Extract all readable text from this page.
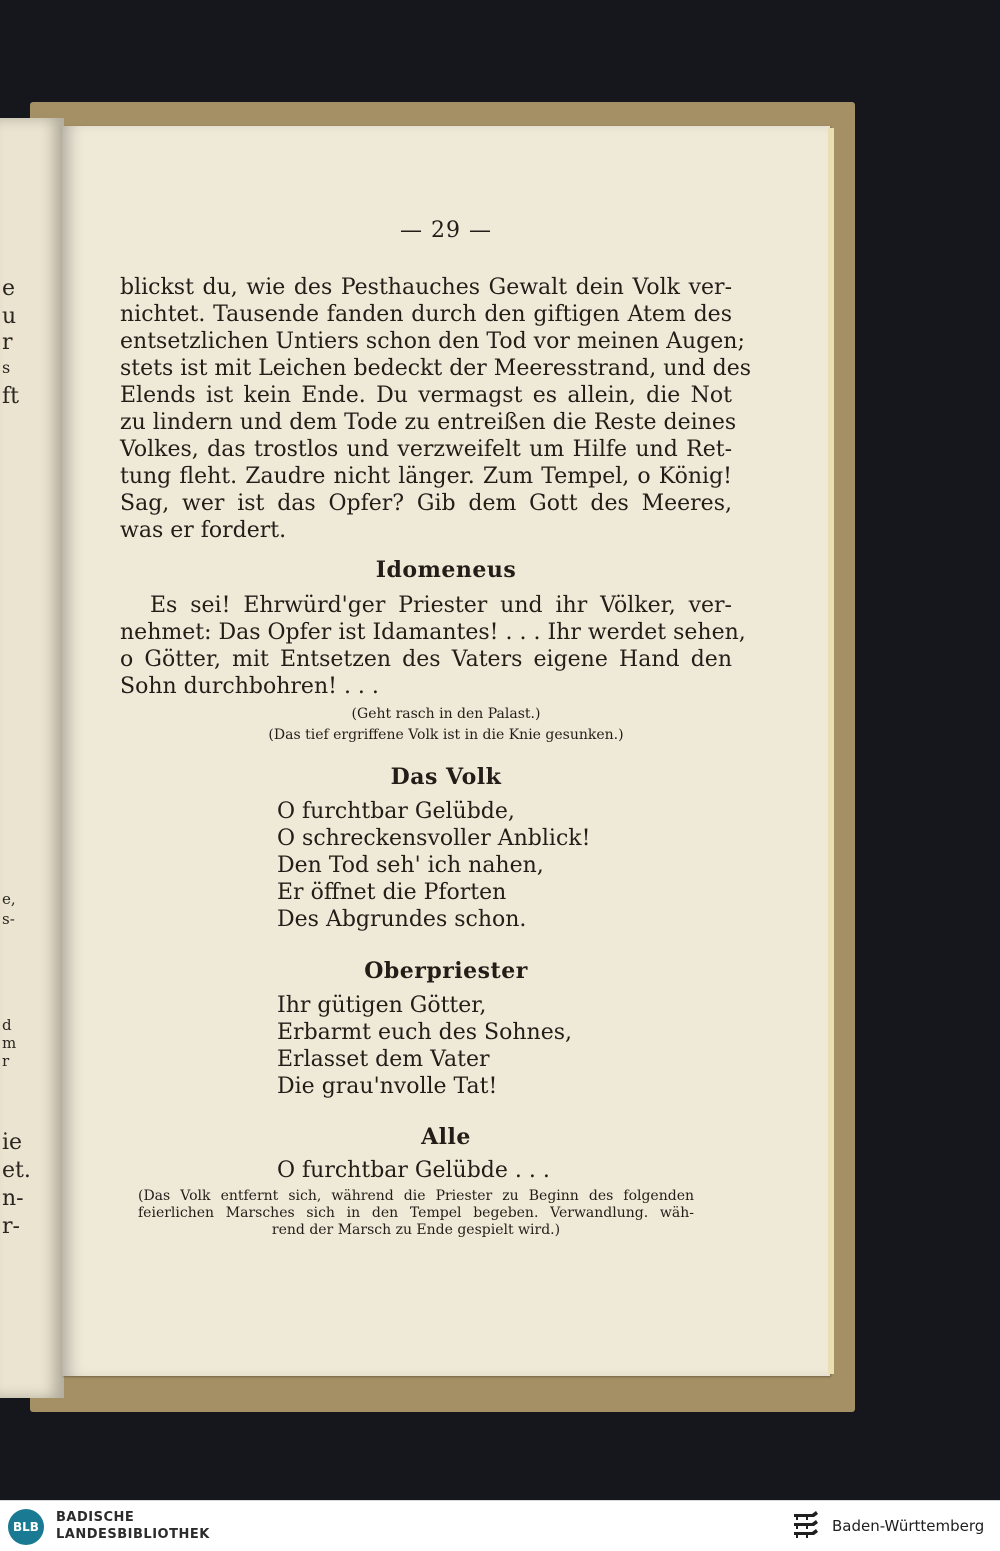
e
u
r
s
ft
e,
s-
d
m
r
ie
et.
n-
r-
— 29 —
blickst du, wie des Pesthauches Gewalt dein Volk ver-
nichtet. Tausende fanden durch den giftigen Atem des
entsetzlichen Untiers schon den Tod vor meinen Augen;
stets ist mit Leichen bedeckt der Meeresstrand, und des
Elends ist kein Ende. Du vermagst es allein, die Not
zu lindern und dem Tode zu entreißen die Reste deines
Volkes, das trostlos und verzweifelt um Hilfe und Ret-
tung fleht. Zaudre nicht länger. Zum Tempel, o König!
Sag, wer ist das Opfer? Gib dem Gott des Meeres,
was er fordert.
Idomeneus
Es sei! Ehrwürd'ger Priester und ihr Völker, ver-
nehmet: Das Opfer ist Idamantes! . . . Ihr werdet sehen,
o Götter, mit Entsetzen des Vaters eigene Hand den
Sohn durchbohren! . . .
(Geht rasch in den Palast.)
(Das tief ergriffene Volk ist in die Knie gesunken.)
Das Volk
O furchtbar Gelübde,
O schreckensvoller Anblick!
Den Tod seh' ich nahen,
Er öffnet die Pforten
Des Abgrundes schon.
Oberpriester
Ihr gütigen Götter,
Erbarmt euch des Sohnes,
Erlasset dem Vater
Die grau'nvolle Tat!
Alle
O furchtbar Gelübde . . .
(Das Volk entfernt sich, während die Priester zu Beginn des folgenden
feierlichen Marsches sich in den Tempel begeben. Verwandlung. wäh-
rend der Marsch zu Ende gespielt wird.)
BLB
BADISCHE
LANDESBIBLIOTHEK	Baden-Württemberg
